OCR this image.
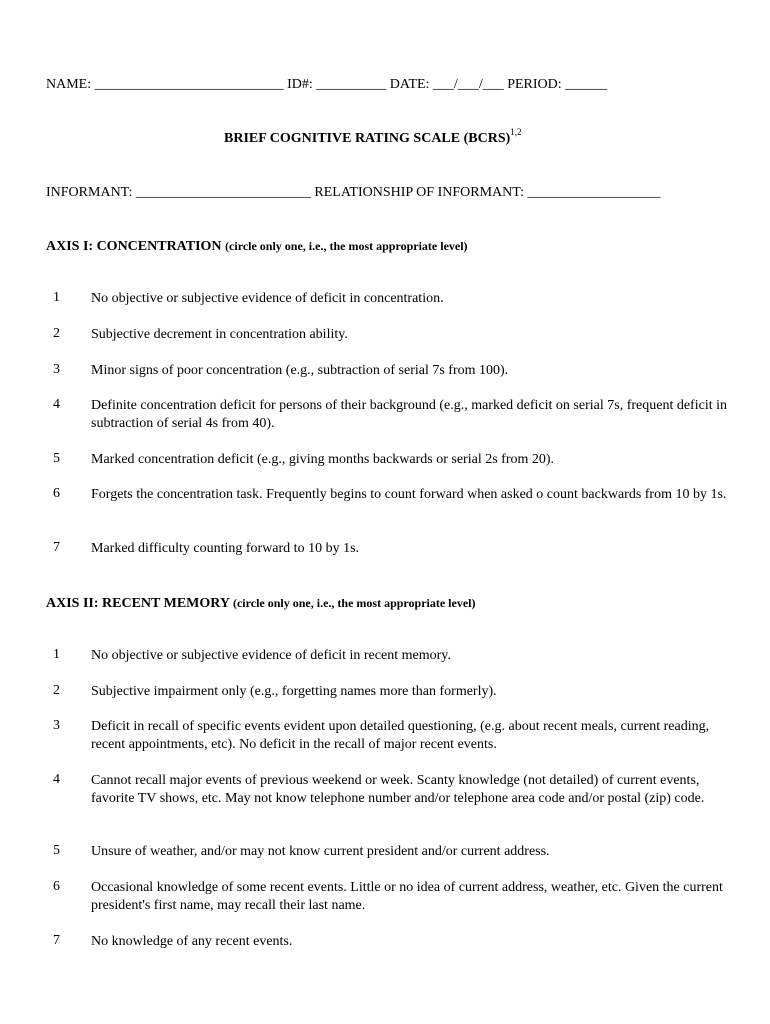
NAME: ___________________________ ID#: __________ DATE: ___/___/___ PERIOD: ______
BRIEF COGNITIVE RATING SCALE (BCRS)$^{1,2}$
INFORMANT: _________________________ RELATIONSHIP OF INFORMANT: ___________________
AXIS I: CONCENTRATION (circle only one, i.e., the most appropriate level)
1	No objective or subjective evidence of deficit in concentration.
2	Subjective decrement in concentration ability.
3	Minor signs of poor concentration (e.g., subtraction of serial 7s from 100).
4	Definite concentration deficit for persons of their background (e.g., marked deficit on serial 7s, frequent deficit in subtraction of serial 4s from 40).
5	Marked concentration deficit (e.g., giving months backwards or serial 2s from 20).
6	Forgets the concentration task. Frequently begins to count forward when asked o count backwards from 10 by 1s.
7	Marked difficulty counting forward to 10 by 1s.
AXIS II: RECENT MEMORY (circle only one, i.e., the most appropriate level)
1	No objective or subjective evidence of deficit in recent memory.
2	Subjective impairment only (e.g., forgetting names more than formerly).
3	Deficit in recall of specific events evident upon detailed questioning, (e.g. about recent meals, current reading, recent appointments, etc). No deficit in the recall of major recent events.
4	Cannot recall major events of previous weekend or week. Scanty knowledge (not detailed) of current events, favorite TV shows, etc. May not know telephone number and/or telephone area code and/or postal (zip) code.
5	Unsure of weather, and/or may not know current president and/or current address.
6	Occasional knowledge of some recent events. Little or no idea of current address, weather, etc. Given the current president's first name, may recall their last name.
7	No knowledge of any recent events.
